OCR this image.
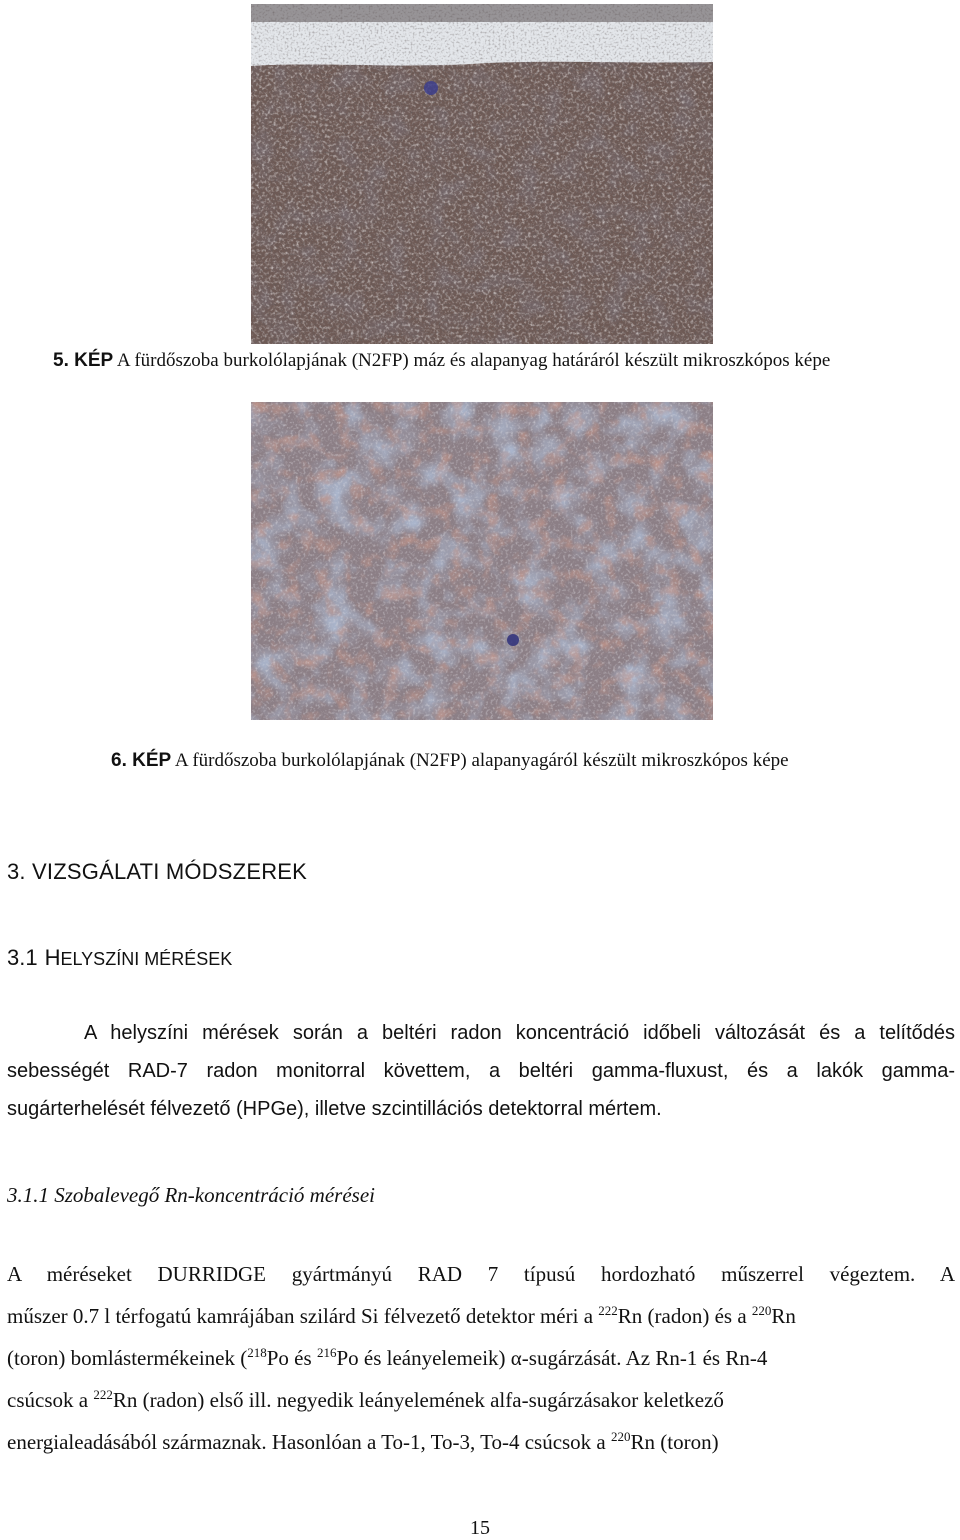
5. KÉP A fürdőszoba burkolólapjának (N2FP) máz és alapanyag határáról készült mikroszkópos képe
6. KÉP A fürdőszoba burkolólapjának (N2FP) alapanyagáról készült mikroszkópos képe
3. VIZSGÁLATI MÓDSZEREK
3.1 HELYSZÍNI MÉRÉSEK
A helyszíni mérések során a beltéri radon koncentráció időbeli változását és a telítődés
sebességét RAD-7 radon monitorral követtem, a beltéri gamma-fluxust, és a lakók gamma-
sugárterhelését félvezető (HPGe), illetve szcintillációs detektorral mértem.
3.1.1 Szobalevegő Rn-koncentráció mérései
A méréseket DURRIDGE gyártmányú RAD 7 típusú hordozható műszerrel végeztem. A
műszer 0.7 l térfogatú kamrájában szilárd Si félvezető detektor méri a $^{222}$Rn (radon) és a $^{220}$Rn
(toron) bomlástermékeinek ($^{218}$Po és $^{216}$Po és leányelemeik) α-sugárzását. Az Rn-1 és Rn-4
csúcsok a $^{222}$Rn (radon) első ill. negyedik leányelemének alfa-sugárzásakor keletkező
energialeadásából származnak. Hasonlóan a To-1, To-3, To-4 csúcsok a $^{220}$Rn (toron)
15
